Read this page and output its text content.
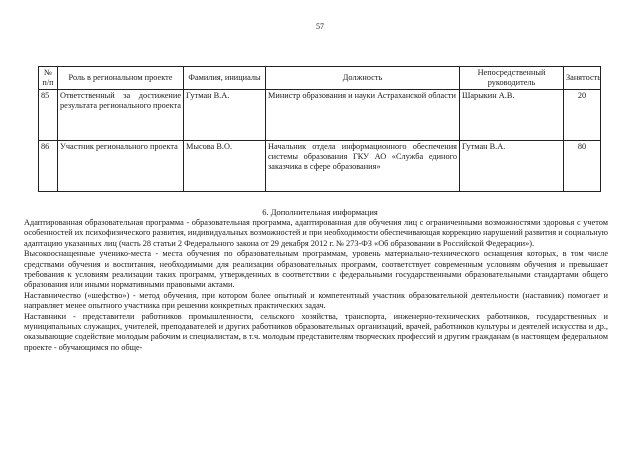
57
№ п/п	Роль в региональном проекте	Фамилия, инициалы	Должность	Непосредственный руководитель	Занятость
85	Ответственный за достижение результата регионального проекта	Гутман В.А.	Министр образования и науки Астраханской области	Шарыкин А.В.	20
86	Участник регионального проекта	Мысова В.О.	Начальник отдела информационного обеспечения системы образования ГКУ АО «Служба единого заказчика в сфере образования»	Гутман В.А.	80
6. Дополнительная информация

Адаптированная образовательная программа - образовательная программа, адаптированная для обучения лиц с ограниченными возможностями здоровья с учетом особенностей их психофизического развития, индивидуальных возможностей и при необходимости обеспечивающая коррекцию нарушений развития и социальную адаптацию указанных лиц (часть 28 статьи 2 Федерального закона от 29 декабря 2012 г. № 273-ФЗ «Об образовании в Российской Федерации»).

Высокооснащенные ученико-места - места обучения по образовательным программам, уровень материально-технического оснащения которых, в том числе средствами обучения и воспитания, необходимыми для реализации образовательных программ, соответствует современным условиям обучения и превышает требования к условиям реализации таких программ, утвержденных в соответствии с федеральными государственными образовательными стандартами общего образования или иными нормативными правовыми актами.

Наставничество («шефство») - метод обучения, при котором более опытный и компетентный участник образовательной деятельности (наставник) помогает и направляет менее опытного участника при решении конкретных практических задач.

Наставники - представители работников промышленности, сельского хозяйства, транспорта, инженерно-технических работников, государственных и муниципальных служащих, учителей, преподавателей и других работников образовательных организаций, врачей, работников культуры и деятелей искусства и др., оказывающие содействие молодым рабочим и специалистам, в т.ч. молодым представителям творческих профессий и другим гражданам (в настоящем федеральном проекте - обучающимся по обще-
